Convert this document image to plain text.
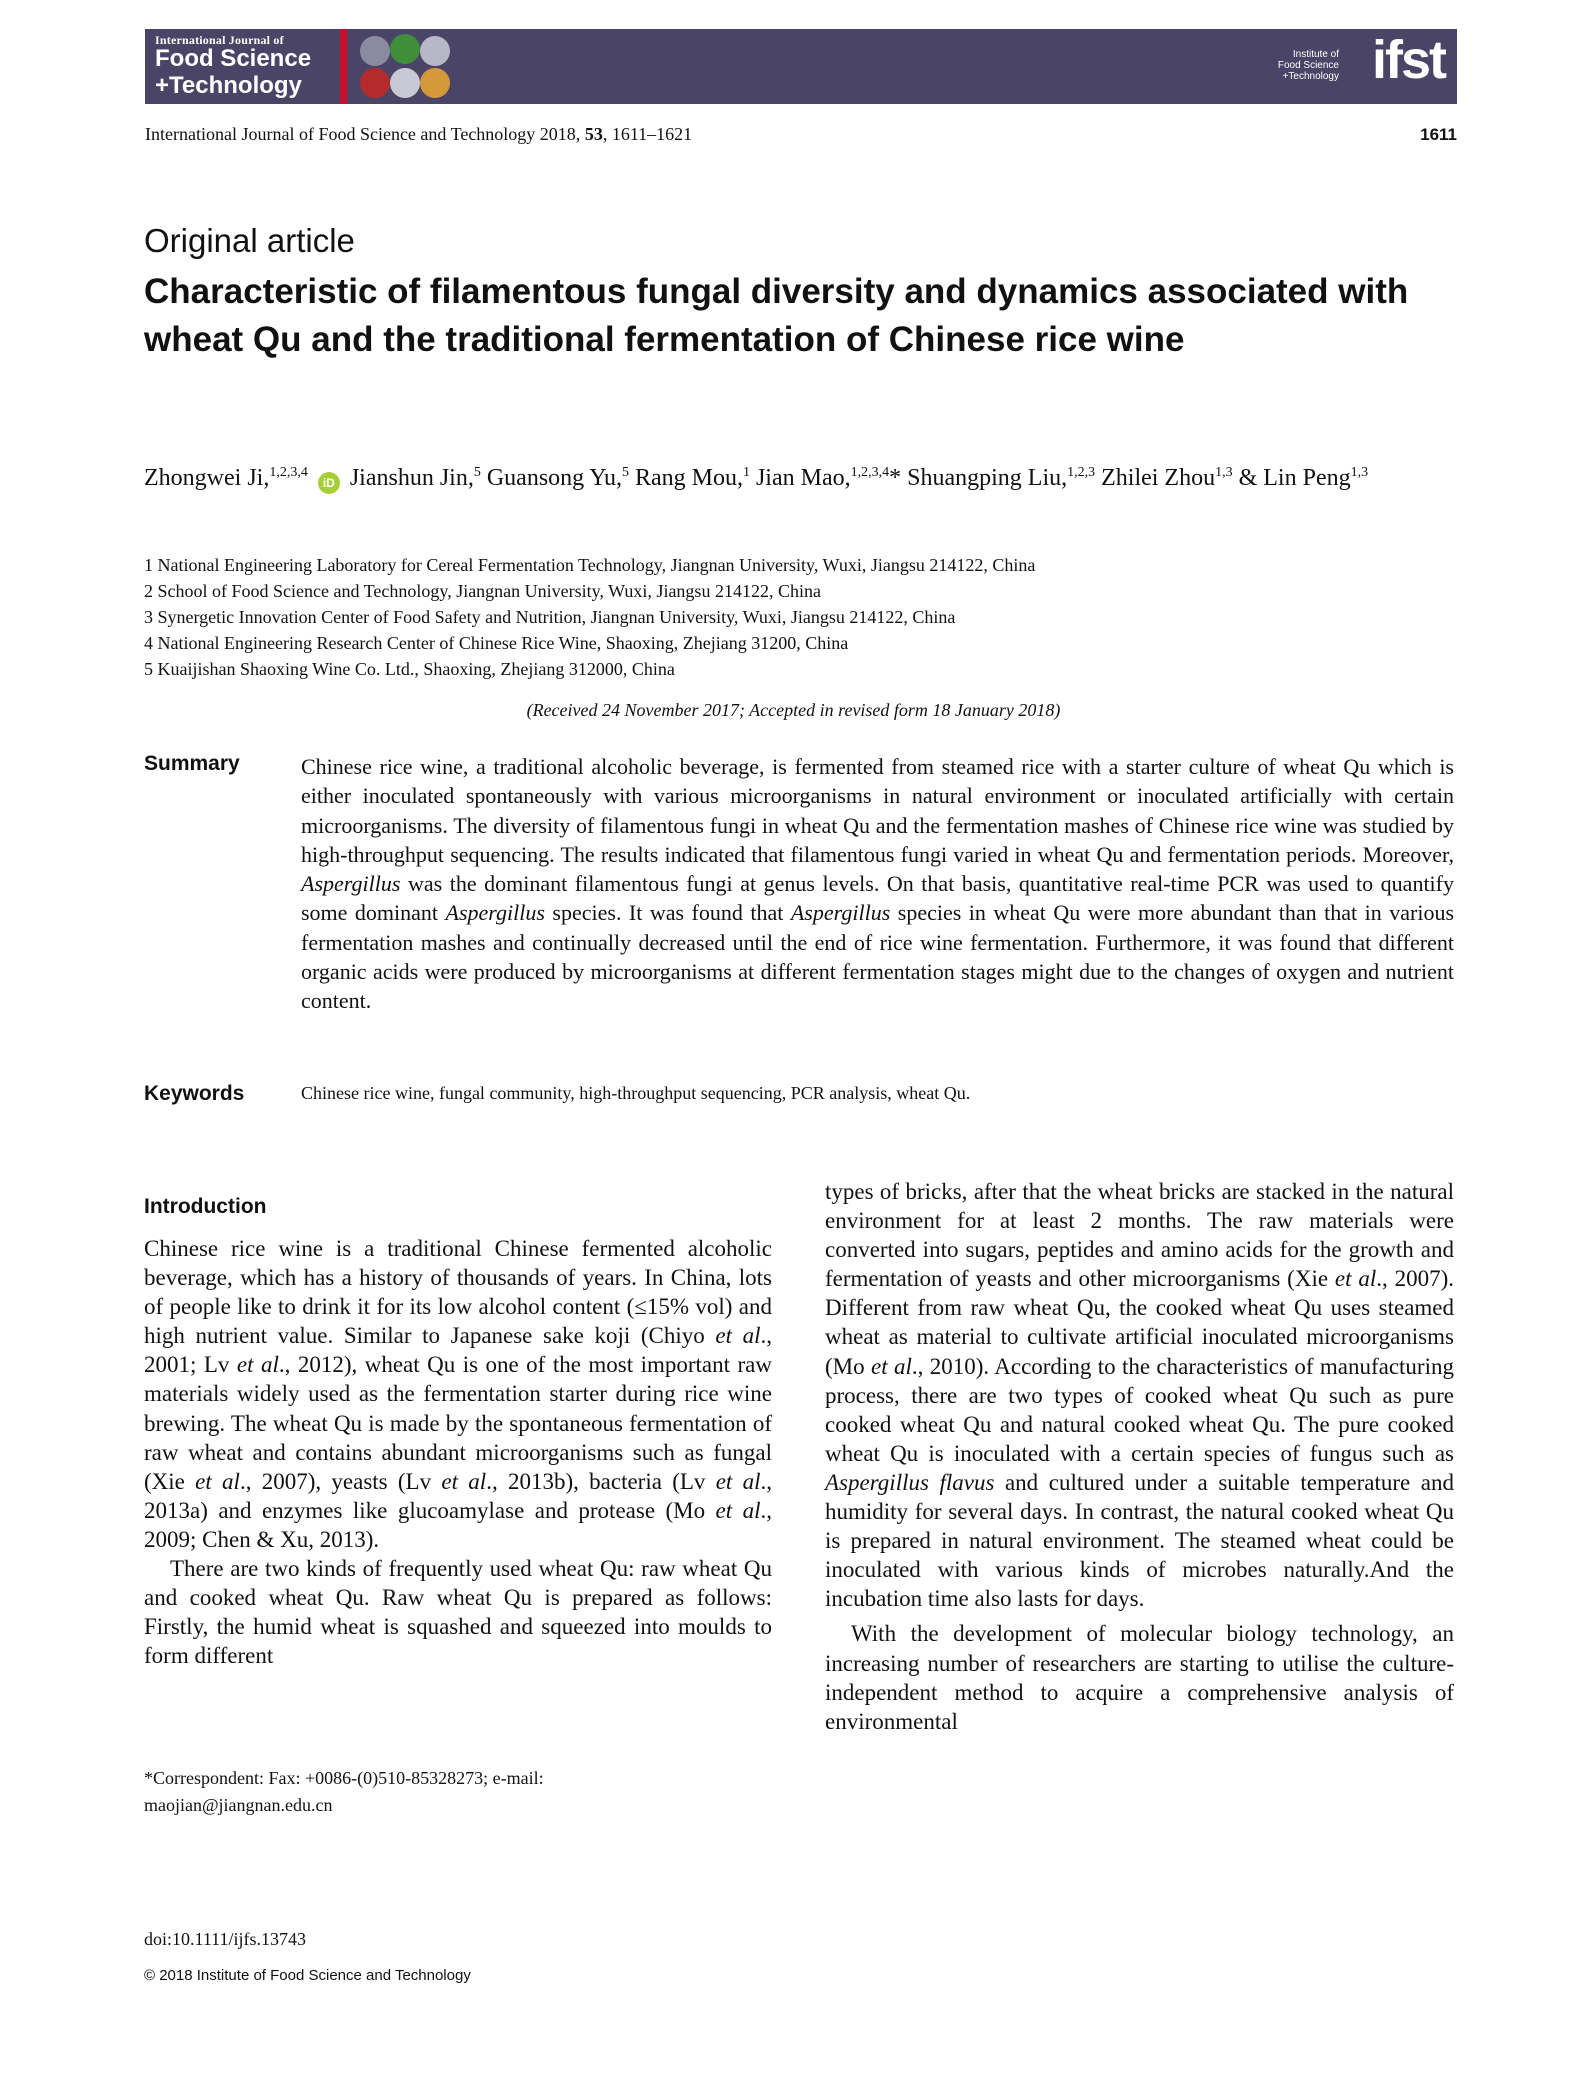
International Journal of
Food Science
+Technology
Institute of
Food Science
+Technology ifst
International Journal of Food Science and Technology 2018, 53, 1611–1621	1611
Original article
Characteristic of filamentous fungal diversity and dynamics associated with wheat Qu and the traditional fermentation of Chinese rice wine
Zhongwei Ji,$^{1,2,3,4}$ iD Jianshun Jin,$^5$ Guansong Yu,$^5$ Rang Mou,$^1$ Jian Mao,$^{1,2,3,4}$* Shuangping Liu,$^{1,2,3}$ Zhilei Zhou$^{1,3}$ & Lin Peng$^{1,3}$
1 National Engineering Laboratory for Cereal Fermentation Technology, Jiangnan University, Wuxi, Jiangsu 214122, China
2 School of Food Science and Technology, Jiangnan University, Wuxi, Jiangsu 214122, China
3 Synergetic Innovation Center of Food Safety and Nutrition, Jiangnan University, Wuxi, Jiangsu 214122, China
4 National Engineering Research Center of Chinese Rice Wine, Shaoxing, Zhejiang 31200, China
5 Kuaijishan Shaoxing Wine Co. Ltd., Shaoxing, Zhejiang 312000, China
(Received 24 November 2017; Accepted in revised form 18 January 2018)
Summary	Chinese rice wine, a traditional alcoholic beverage, is fermented from steamed rice with a starter culture of wheat Qu which is either inoculated spontaneously with various microorganisms in natural environment or inoculated artificially with certain microorganisms. The diversity of filamentous fungi in wheat Qu and the fermentation mashes of Chinese rice wine was studied by high-throughput sequencing. The results indicated that filamentous fungi varied in wheat Qu and fermentation periods. Moreover, Aspergillus was the dominant filamentous fungi at genus levels. On that basis, quantitative real-time PCR was used to quantify some dominant Aspergillus species. It was found that Aspergillus species in wheat Qu were more abundant than that in various fermentation mashes and continually decreased until the end of rice wine fermentation. Furthermore, it was found that different organic acids were produced by microorganisms at different fermentation stages might due to the changes of oxygen and nutrient content.
Keywords	Chinese rice wine, fungal community, high-throughput sequencing, PCR analysis, wheat Qu.
Introduction

Chinese rice wine is a traditional Chinese fermented alcoholic beverage, which has a history of thousands of years. In China, lots of people like to drink it for its low alcohol content (≤15% vol) and high nutrient value. Similar to Japanese sake koji (Chiyo et al., 2001; Lv et al., 2012), wheat Qu is one of the most important raw materials widely used as the fermentation starter during rice wine brewing. The wheat Qu is made by the spontaneous fermentation of raw wheat and contains abundant microorganisms such as fungal (Xie et al., 2007), yeasts (Lv et al., 2013b), bacteria (Lv et al., 2013a) and enzymes like glucoamylase and protease (Mo et al., 2009; Chen & Xu, 2013).

There are two kinds of frequently used wheat Qu: raw wheat Qu and cooked wheat Qu. Raw wheat Qu is prepared as follows: Firstly, the humid wheat is squashed and squeezed into moulds to form different

types of bricks, after that the wheat bricks are stacked in the natural environment for at least 2 months. The raw materials were converted into sugars, peptides and amino acids for the growth and fermentation of yeasts and other microorganisms (Xie et al., 2007). Different from raw wheat Qu, the cooked wheat Qu uses steamed wheat as material to cultivate artificial inoculated microorganisms (Mo et al., 2010). According to the characteristics of manufacturing process, there are two types of cooked wheat Qu such as pure cooked wheat Qu and natural cooked wheat Qu. The pure cooked wheat Qu is inoculated with a certain species of fungus such as Aspergillus flavus and cultured under a suitable temperature and humidity for several days. In contrast, the natural cooked wheat Qu is prepared in natural environment. The steamed wheat could be inoculated with various kinds of microbes naturally.And the incubation time also lasts for days.

With the development of molecular biology technology, an increasing number of researchers are starting to utilise the culture-independent method to acquire a comprehensive analysis of environmental

*Correspondent: Fax: +0086-(0)510-85328273; e-mail: maojian@jiangnan.edu.cn
doi:10.1111/ijfs.13743
© 2018 Institute of Food Science and Technology
